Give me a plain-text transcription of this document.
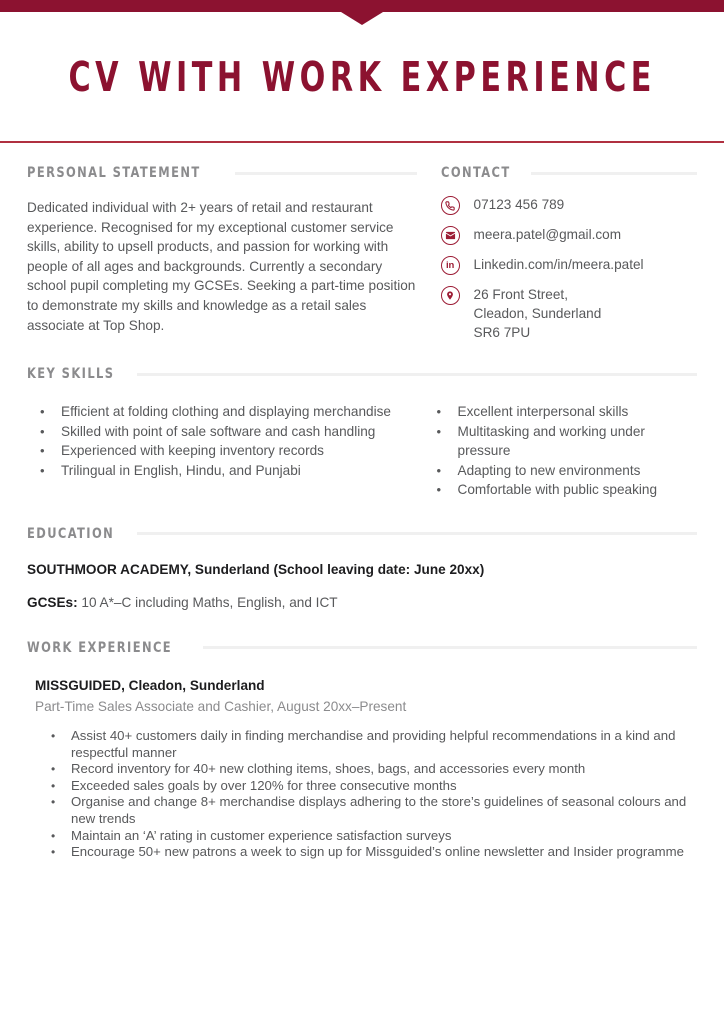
CV WITH WORK EXPERIENCE
PERSONAL STATEMENT

Dedicated individual with 2+ years of retail and restaurant experience. Recognised for my exceptional customer service skills, ability to upsell products, and passion for working with people of all ages and backgrounds. Currently a secondary school pupil completing my GCSEs. Seeking a part-time position to demonstrate my skills and knowledge as a retail sales associate at Top Shop.

CONTACT
07123 456 789
meera.patel@gmail.com
in	Linkedin.com/in/meera.patel
26 Front Street,
Cleadon, Sunderland
SR6 7PU
KEY SKILLS
• Efficient at folding clothing and displaying merchandise
• Skilled with point of sale software and cash handling
• Experienced with keeping inventory records
• Trilingual in English, Hindu, and Punjabi
• Excellent interpersonal skills
• Multitasking and working under pressure
• Adapting to new environments
• Comfortable with public speaking
EDUCATION
SOUTHMOOR ACADEMY, Sunderland (School leaving date: June 20xx)
GCSEs: 10 A*–C including Maths, English, and ICT
WORK EXPERIENCE
MISSGUIDED, Cleadon, Sunderland
Part-Time Sales Associate and Cashier, August 20xx–Present
• Assist 40+ customers daily in finding merchandise and providing helpful recommendations in a kind and respectful manner
• Record inventory for 40+ new clothing items, shoes, bags, and accessories every month
• Exceeded sales goals by over 120% for three consecutive months
• Organise and change 8+ merchandise displays adhering to the store’s guidelines of seasonal colours and new trends
• Maintain an ‘A’ rating in customer experience satisfaction surveys
• Encourage 50+ new patrons a week to sign up for Missguided’s online newsletter and Insider programme
